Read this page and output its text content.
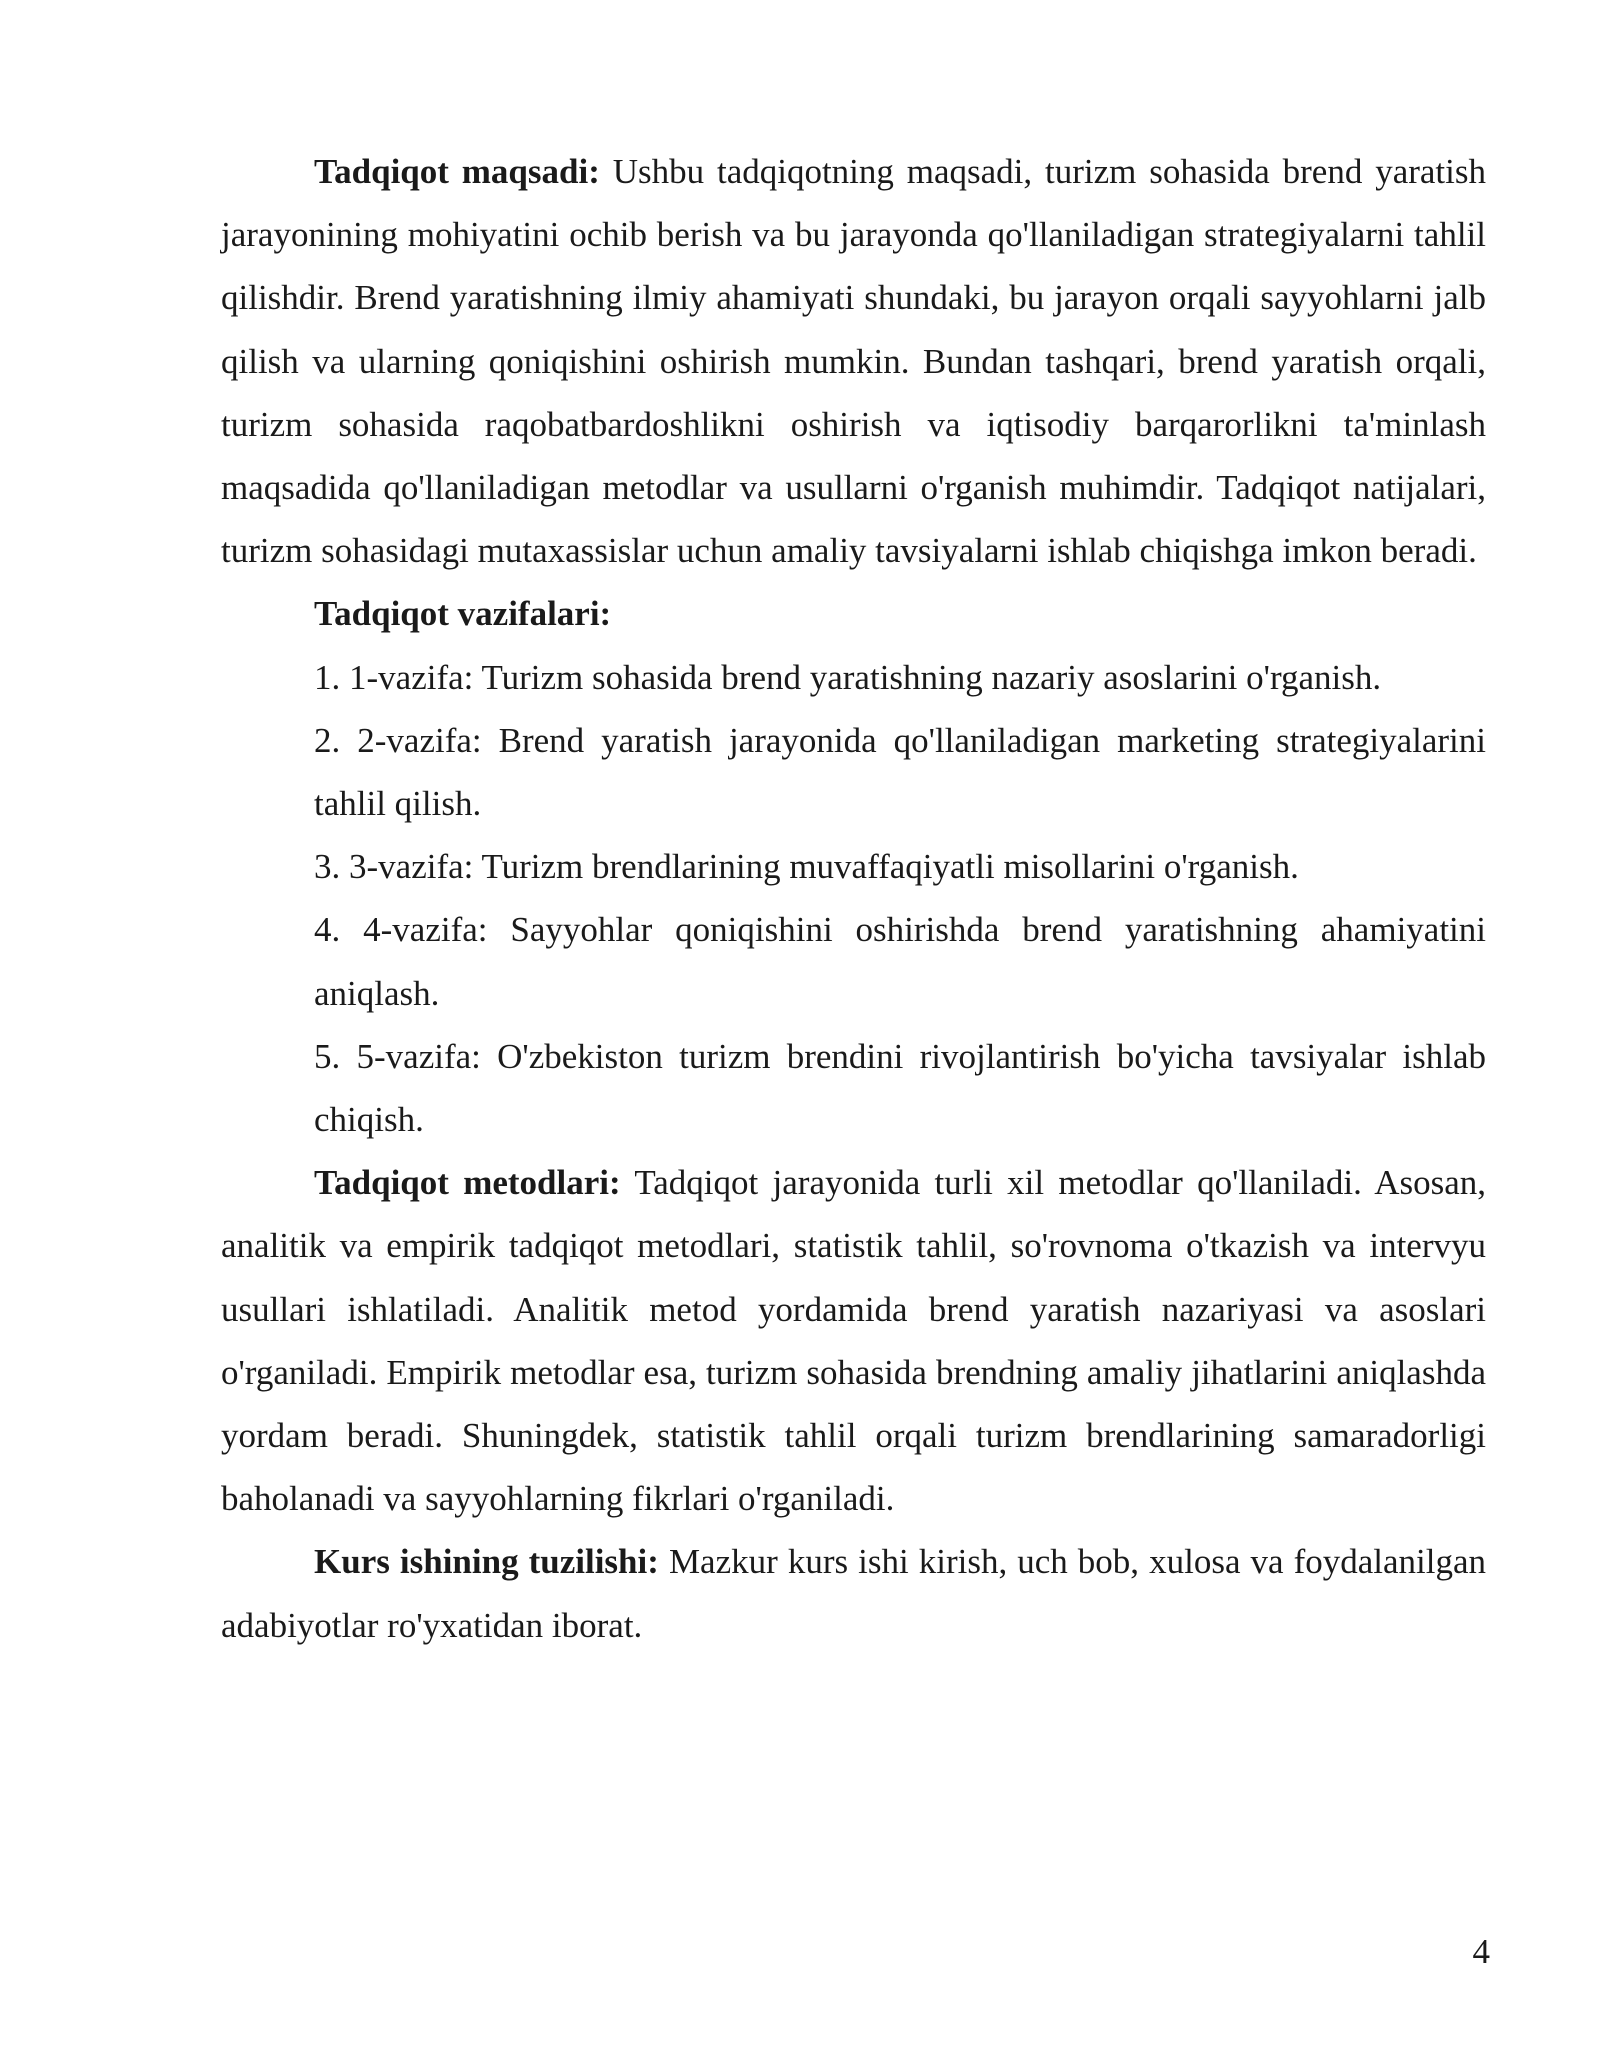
Tadqiqot maqsadi: Ushbu tadqiqotning maqsadi, turizm sohasida brend yaratish jarayonining mohiyatini ochib berish va bu jarayonda qo'llaniladigan strategiyalarni tahlil qilishdir. Brend yaratishning ilmiy ahamiyati shundaki, bu jarayon orqali sayyohlarni jalb qilish va ularning qoniqishini oshirish mumkin. Bundan tashqari, brend yaratish orqali, turizm sohasida raqobatbardoshlikni oshirish va iqtisodiy barqarorlikni ta'minlash maqsadida qo'llaniladigan metodlar va usullarni o'rganish muhimdir. Tadqiqot natijalari, turizm sohasidagi mutaxassislar uchun amaliy tavsiyalarni ishlab chiqishga imkon beradi.

Tadqiqot vazifalari:

1. 1-vazifa: Turizm sohasida brend yaratishning nazariy asoslarini o'rganish.

2. 2-vazifa: Brend yaratish jarayonida qo'llaniladigan marketing strategiyalarini tahlil qilish.

3. 3-vazifa: Turizm brendlarining muvaffaqiyatli misollarini o'rganish.

4. 4-vazifa: Sayyohlar qoniqishini oshirishda brend yaratishning ahamiyatini aniqlash.

5. 5-vazifa: O'zbekiston turizm brendini rivojlantirish bo'yicha tavsiyalar ishlab chiqish.

Tadqiqot metodlari: Tadqiqot jarayonida turli xil metodlar qo'llaniladi. Asosan, analitik va empirik tadqiqot metodlari, statistik tahlil, so'rovnoma o'tkazish va intervyu usullari ishlatiladi. Analitik metod yordamida brend yaratish nazariyasi va asoslari o'rganiladi. Empirik metodlar esa, turizm sohasida brendning amaliy jihatlarini aniqlashda yordam beradi. Shuningdek, statistik tahlil orqali turizm brendlarining samaradorligi baholanadi va sayyohlarning fikrlari o'rganiladi.

Kurs ishining tuzilishi: Mazkur kurs ishi kirish, uch bob, xulosa va foydalanilgan adabiyotlar ro'yxatidan iborat.

4
